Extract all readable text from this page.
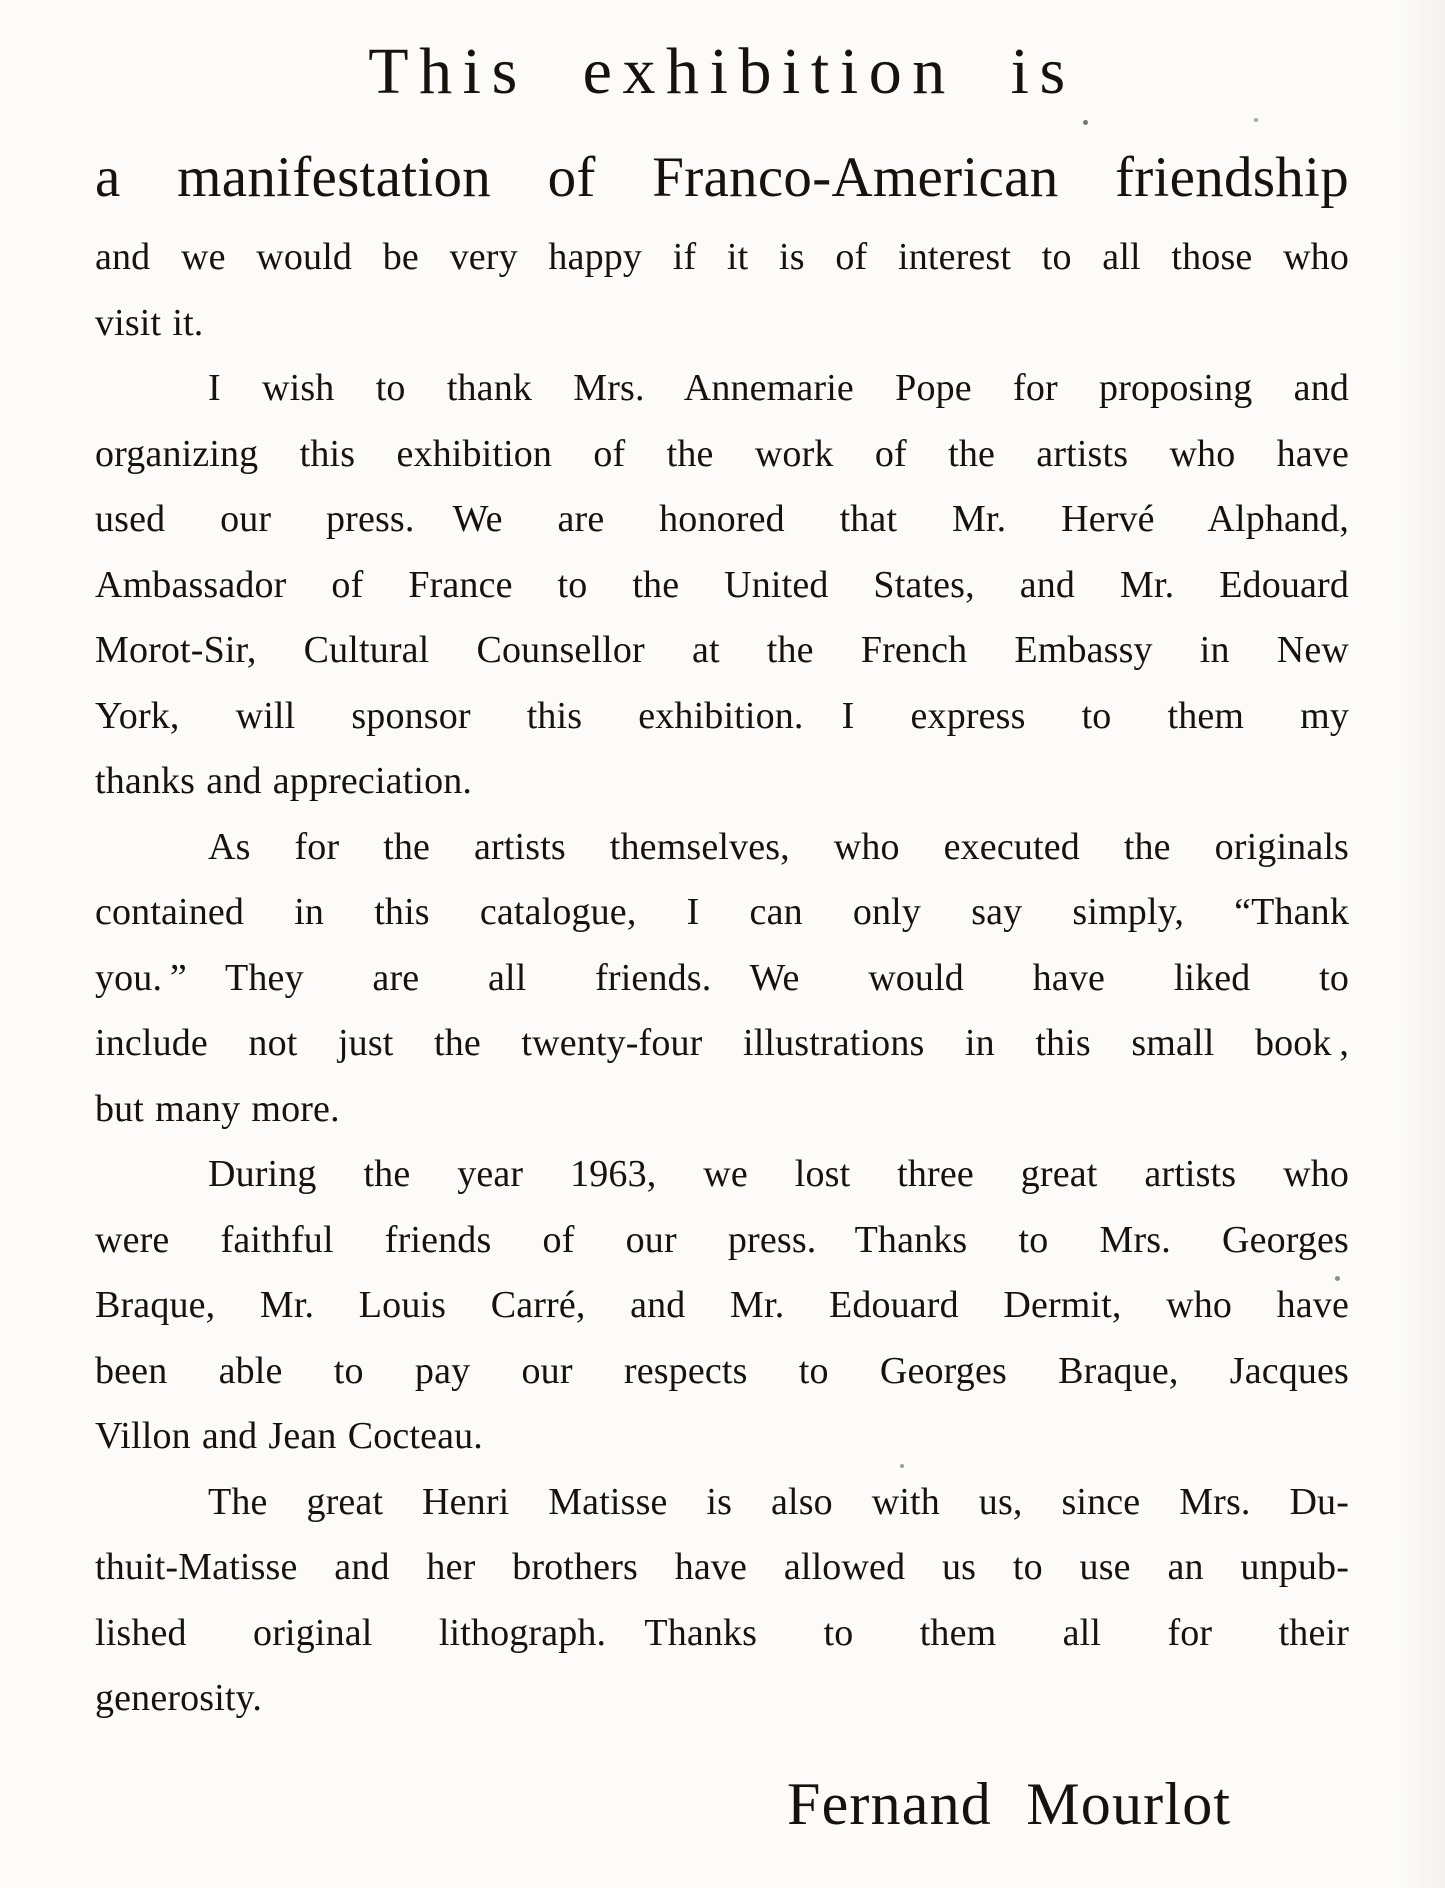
This exhibition is
a manifestation of Franco-American friendship
and we would be very happy if it is of interest to all those who
visit it.
I wish to thank Mrs. Annemarie Pope for proposing and
organizing this exhibition of the work of the artists who have
used our press. We are honored that Mr. Hervé Alphand,
Ambassador of France to the United States, and Mr. Edouard
Morot-Sir, Cultural Counsellor at the French Embassy in New
York, will sponsor this exhibition. I express to them my
thanks and appreciation.
As for the artists themselves, who executed the originals
contained in this catalogue, I can only say simply, “Thank
you. ” They are all friends. We would have liked to
include not just the twenty-four illustrations in this small book ,
but many more.
During the year 1963, we lost three great artists who
were faithful friends of our press. Thanks to Mrs. Georges
Braque, Mr. Louis Carré, and Mr. Edouard Dermit, who have
been able to pay our respects to Georges Braque, Jacques
Villon and Jean Cocteau.
The great Henri Matisse is also with us, since Mrs. Du-
thuit-Matisse and her brothers have allowed us to use an unpub-
lished original lithograph. Thanks to them all for their
generosity.
Fernand Mourlot
